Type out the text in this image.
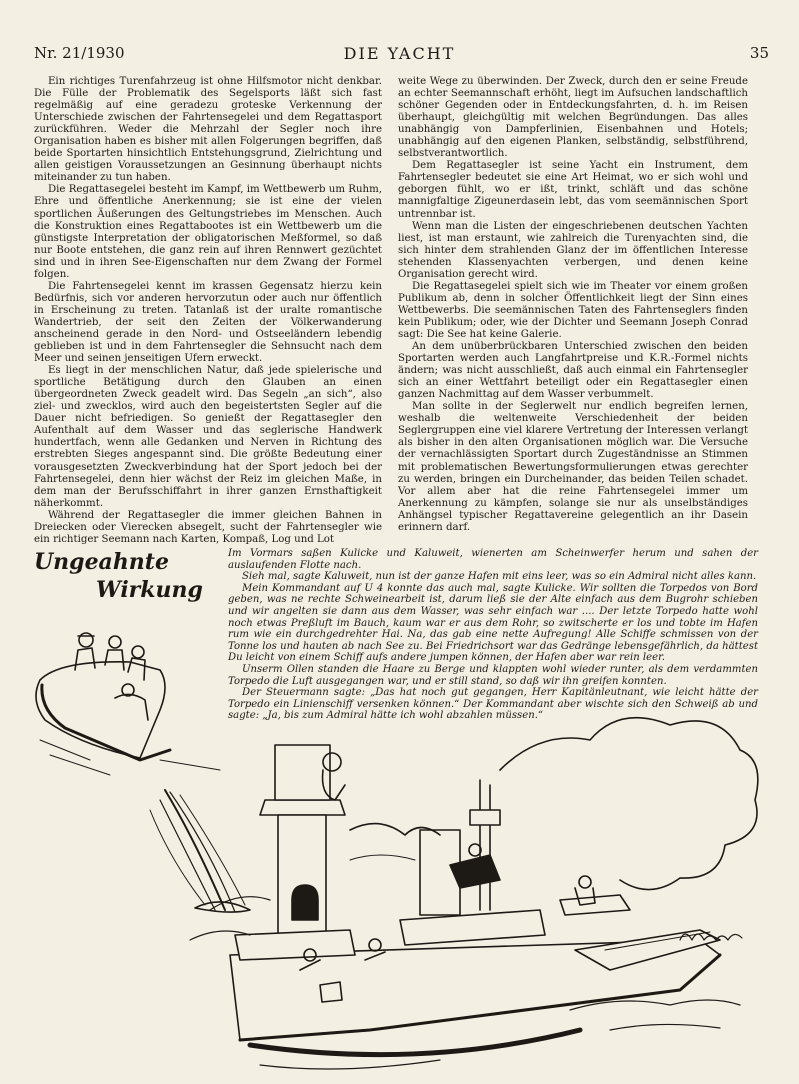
Nr. 21/1930	DIE YACHT	35

Ein richtiges Turenfahrzeug ist ohne Hilfsmotor nicht denkbar. Die Fülle der Problematik des Segelsports läßt sich fast regelmäßig auf eine geradezu groteske Verkennung der Unterschiede zwischen der Fahrtensegelei und dem Regattasport zurückführen. Weder die Mehrzahl der Segler noch ihre Organisation haben es bisher mit allen Folgerungen begriffen, daß beide Sportarten hinsichtlich Entstehungsgrund, Zielrichtung und allen geistigen Voraussetzungen an Gesinnung überhaupt nichts miteinander zu tun haben.

Die Regattasegelei besteht im Kampf, im Wettbewerb um Ruhm, Ehre und öffentliche Anerkennung; sie ist eine der vielen sportlichen Äußerungen des Geltungstriebes im Menschen. Auch die Konstruktion eines Regattabootes ist ein Wettbewerb um die günstigste Interpretation der obligatorischen Meßformel, so daß nur Boote entstehen, die ganz rein auf ihren Rennwert gezüchtet sind und in ihren See-Eigenschaften nur dem Zwang der Formel folgen.

Die Fahrtensegelei kennt im krassen Gegensatz hierzu kein Bedürfnis, sich vor anderen hervorzutun oder auch nur öffentlich in Erscheinung zu treten. Tatanlaß ist der uralte romantische Wandertrieb, der seit den Zeiten der Völkerwanderung anscheinend gerade in den Nord- und Ostseeländern lebendig geblieben ist und in dem Fahrtensegler die Sehnsucht nach dem Meer und seinen jenseitigen Ufern erweckt.

Es liegt in der menschlichen Natur, daß jede spielerische und sportliche Betätigung durch den Glauben an einen übergeordneten Zweck geadelt wird. Das Segeln „an sich“, also ziel- und zwecklos, wird auch den begeistertsten Segler auf die Dauer nicht befriedigen. So genießt der Regattasegler den Aufenthalt auf dem Wasser und das seglerische Handwerk hundertfach, wenn alle Gedanken und Nerven in Richtung des erstrebten Sieges angespannt sind. Die größte Bedeutung einer vorausgesetzten Zweckverbindung hat der Sport jedoch bei der Fahrtensegelei, denn hier wächst der Reiz im gleichen Maße, in dem man der Berufsschiffahrt in ihrer ganzen Ernsthaftigkeit näherkommt.

Während der Regattasegler die immer gleichen Bahnen in Dreiecken oder Vierecken absegelt, sucht der Fahrtensegler wie ein richtiger Seemann nach Karten, Kompaß, Log und Lot

weite Wege zu überwinden. Der Zweck, durch den er seine Freude an echter Seemannschaft erhöht, liegt im Aufsuchen landschaftlich schöner Gegenden oder in Entdeckungsfahrten, d. h. im Reisen überhaupt, gleichgültig mit welchen Begründungen. Das alles unabhängig von Dampferlinien, Eisenbahnen und Hotels; unabhängig auf den eigenen Planken, selbständig, selbstführend, selbstverantwortlich.

Dem Regattasegler ist seine Yacht ein Instrument, dem Fahrtensegler bedeutet sie eine Art Heimat, wo er sich wohl und geborgen fühlt, wo er ißt, trinkt, schläft und das schöne mannigfaltige Zigeunerdasein lebt, das vom seemännischen Sport untrennbar ist.

Wenn man die Listen der eingeschriebenen deutschen Yachten liest, ist man erstaunt, wie zahlreich die Turenyachten sind, die sich hinter dem strahlenden Glanz der im öffentlichen Interesse stehenden Klassenyachten verbergen, und denen keine Organisation gerecht wird.

Die Regattasegelei spielt sich wie im Theater vor einem großen Publikum ab, denn in solcher Öffentlichkeit liegt der Sinn eines Wettbewerbs. Die seemännischen Taten des Fahrtenseglers finden kein Publikum; oder, wie der Dichter und Seemann Joseph Conrad sagt: Die See hat keine Galerie.

An dem unüberbrückbaren Unterschied zwischen den beiden Sportarten werden auch Langfahrtpreise und K.R.-Formel nichts ändern; was nicht ausschließt, daß auch einmal ein Fahrtensegler sich an einer Wettfahrt beteiligt oder ein Regattasegler einen ganzen Nachmittag auf dem Wasser verbummelt.

Man sollte in der Seglerwelt nur endlich begreifen lernen, weshalb die weltenweite Verschiedenheit der beiden Seglergruppen eine viel klarere Vertretung der Interessen verlangt als bisher in den alten Organisationen möglich war. Die Versuche der vernachlässigten Sportart durch Zugeständnisse an Stimmen mit problematischen Bewertungsformulierungen etwas gerechter zu werden, bringen ein Durcheinander, das beiden Teilen schadet. Vor allem aber hat die reine Fahrtensegelei immer um Anerkennung zu kämpfen, solange sie nur als unselbständiges Anhängsel typischer Regattavereine gelegentlich an ihr Dasein erinnern darf.

Ungeahnte
Wirkung

Im Vormars saßen Kulicke und Kaluweit, wienerten am Scheinwerfer herum und sahen der auslaufenden Flotte nach.

Sieh mal, sagte Kaluweit, nun ist der ganze Hafen mit eins leer, was so ein Admiral nicht alles kann.

Mein Kommandant auf U 4 konnte das auch mal, sagte Kulicke. Wir sollten die Torpedos von Bord geben, was ne rechte Schweinearbeit ist, darum ließ sie der Alte einfach aus dem Bugrohr schieben und wir angelten sie dann aus dem Wasser, was sehr einfach war .... Der letzte Torpedo hatte wohl noch etwas Preßluft im Bauch, kaum war er aus dem Rohr, so zwitscherte er los und tobte im Hafen rum wie ein durchgedrehter Hai. Na, das gab eine nette Aufregung! Alle Schiffe schmissen von der Tonne los und hauten ab nach See zu. Bei Friedrichsort war das Gedränge lebensgefährlich, da hättest Du leicht von einem Schiff aufs andere jumpen können, der Hafen aber war rein leer.

Unserm Ollen standen die Haare zu Berge und klappten wohl wieder runter, als dem verdammten Torpedo die Luft ausgegangen war, und er still stand, so daß wir ihn greifen konnten.

Der Steuermann sagte: „Das hat noch gut gegangen, Herr Kapitänleutnant, wie leicht hätte der Torpedo ein Linienschiff versenken können.“ Der Kommandant aber wischte sich den Schweiß ab und sagte: „Ja, bis zum Admiral hätte ich wohl abzahlen müssen.“
